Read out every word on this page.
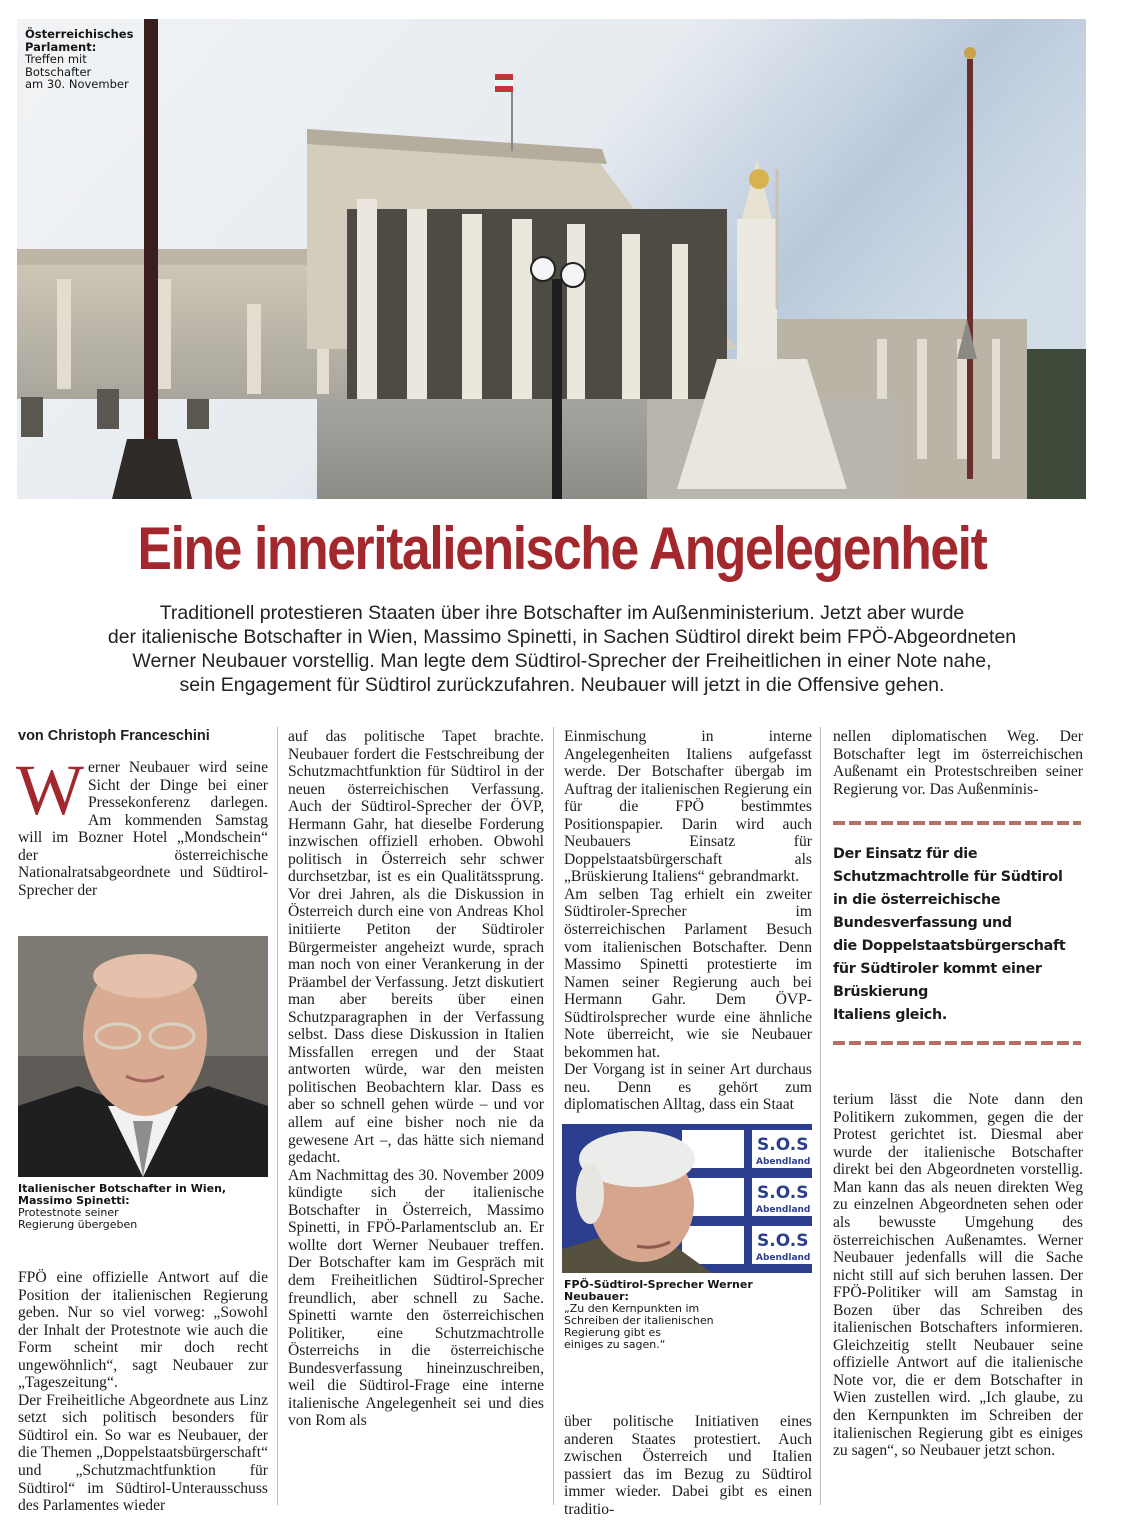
Österreichisches
Parlament:
Treffen mit
Botschafter
am 30. November
Eine inneritalienische Angelegenheit
Traditionell protestieren Staaten über ihre Botschafter im Außenministerium. Jetzt aber wurde
der italienische Botschafter in Wien, Massimo Spinetti, in Sachen Südtirol direkt beim FPÖ-Abgeordneten
Werner Neubauer vorstellig. Man legte dem Südtirol-Sprecher der Freiheitlichen in einer Note nahe,
sein Engagement für Südtirol zurückzufahren. Neubauer will jetzt in die Offensive gehen.
von Christoph Franceschini

Werner Neubauer wird seine Sicht der Dinge bei einer Pressekonferenz darlegen. Am kommenden Samstag will im Bozner Hotel „Mondschein“ der österreichische Nationalratsabgeordnete und Südtirol-Sprecher der

Italienischer Botschafter in Wien,
Massimo Spinetti:
Protestnote seiner
Regierung übergeben

FPÖ eine offizielle Antwort auf die Position der italienischen Regierung geben. Nur so viel vorweg: „Sowohl der Inhalt der Protestnote wie auch die Form scheint mir doch recht ungewöhnlich“, sagt Neubauer zur „Tageszeitung“.

Der Freiheitliche Abgeordnete aus Linz setzt sich politisch besonders für Südtirol ein. So war es Neubauer, der die Themen „Doppelstaatsbürgerschaft“ und „Schutzmachtfunktion für Südtirol“ im Südtirol-Unterausschuss des Parlamentes wieder

auf das politische Tapet brachte. Neubauer fordert die Festschreibung der Schutzmachtfunktion für Südtirol in der neuen österreichischen Verfassung. Auch der Südtirol-Sprecher der ÖVP, Hermann Gahr, hat dieselbe Forderung inzwischen offiziell erhoben. Obwohl politisch in Österreich sehr schwer durchsetzbar, ist es ein Qualitätssprung. Vor drei Jahren, als die Diskussion in Österreich durch eine von Andreas Khol initiierte Petiton der Südtiroler Bürgermeister angeheizt wurde, sprach man noch von einer Verankerung in der Präambel der Verfassung. Jetzt diskutiert man aber bereits über einen Schutzparagraphen in der Verfassung selbst. Dass diese Diskussion in Italien Missfallen erregen und der Staat antworten würde, war den meisten politischen Beobachtern klar. Dass es aber so schnell gehen würde – und vor allem auf eine bisher noch nie da gewesene Art –, das hätte sich niemand gedacht.

Am Nachmittag des 30. November 2009 kündigte sich der italienische Botschafter in Österreich, Massimo Spinetti, in FPÖ-Parlamentsclub an. Er wollte dort Werner Neubauer treffen. Der Botschafter kam im Gespräch mit dem Freiheitlichen Südtirol-Sprecher freundlich, aber schnell zu Sache. Spinetti warnte den österreichischen Politiker, eine Schutzmachtrolle Österreichs in die österreichische Bundesverfassung hineinzuschreiben, weil die Südtirol-Frage eine interne italienische Angelegenheit sei und dies von Rom als

Einmischung in interne Angelegenheiten Italiens aufgefasst werde. Der Botschafter übergab im Auftrag der italienischen Regierung ein für die FPÖ bestimmtes Positionspapier. Darin wird auch Neubauers Einsatz für Doppelstaatsbürgerschaft als „Brüskierung Italiens“ gebrandmarkt.

Am selben Tag erhielt ein zweiter Südtiroler-Sprecher im österreichischen Parlament Besuch vom italienischen Botschafter. Denn Massimo Spinetti protestierte im Namen seiner Regierung auch bei Hermann Gahr. Dem ÖVP-Südtirolsprecher wurde eine ähnliche Note überreicht, wie sie Neubauer bekommen hat.

Der Vorgang ist in seiner Art durchaus neu. Denn es gehört zum diplomatischen Alltag, dass ein Staat

S.O.S
Abendland
S.O.S
Abendland
S.O.S
Abendland
FPÖ-Südtirol-Sprecher Werner Neubauer:
„Zu den Kernpunkten im
Schreiben der italienischen
Regierung gibt es
einiges zu sagen.“

über politische Initiativen eines anderen Staates protestiert. Auch zwischen Österreich und Italien passiert das im Bezug zu Südtirol immer wieder. Dabei gibt es einen traditio-

nellen diplomatischen Weg. Der Botschafter legt im österreichischen Außenamt ein Protestschreiben seiner Regierung vor. Das Außenminis-

Der Einsatz für die
Schutzmachtrolle für Südtirol
in die österreichische
Bundesverfassung und
die Doppelstaatsbürgerschaft
für Südtiroler kommt einer
Brüskierung
Italiens gleich.

terium lässt die Note dann den Politikern zukommen, gegen die der Protest gerichtet ist. Diesmal aber wurde der italienische Botschafter direkt bei den Abgeordneten vorstellig. Man kann das als neuen direkten Weg zu einzelnen Abgeordneten sehen oder als bewusste Umgehung des österreichischen Außenamtes. Werner Neubauer jedenfalls will die Sache nicht still auf sich beruhen lassen. Der FPÖ-Politiker will am Samstag in Bozen über das Schreiben des italienischen Botschafters informieren. Gleichzeitig stellt Neubauer seine offizielle Antwort auf die italienische Note vor, die er dem Botschafter in Wien zustellen wird. „Ich glaube, zu den Kernpunkten im Schreiben der italienischen Regierung gibt es einiges zu sagen“, so Neubauer jetzt schon.
